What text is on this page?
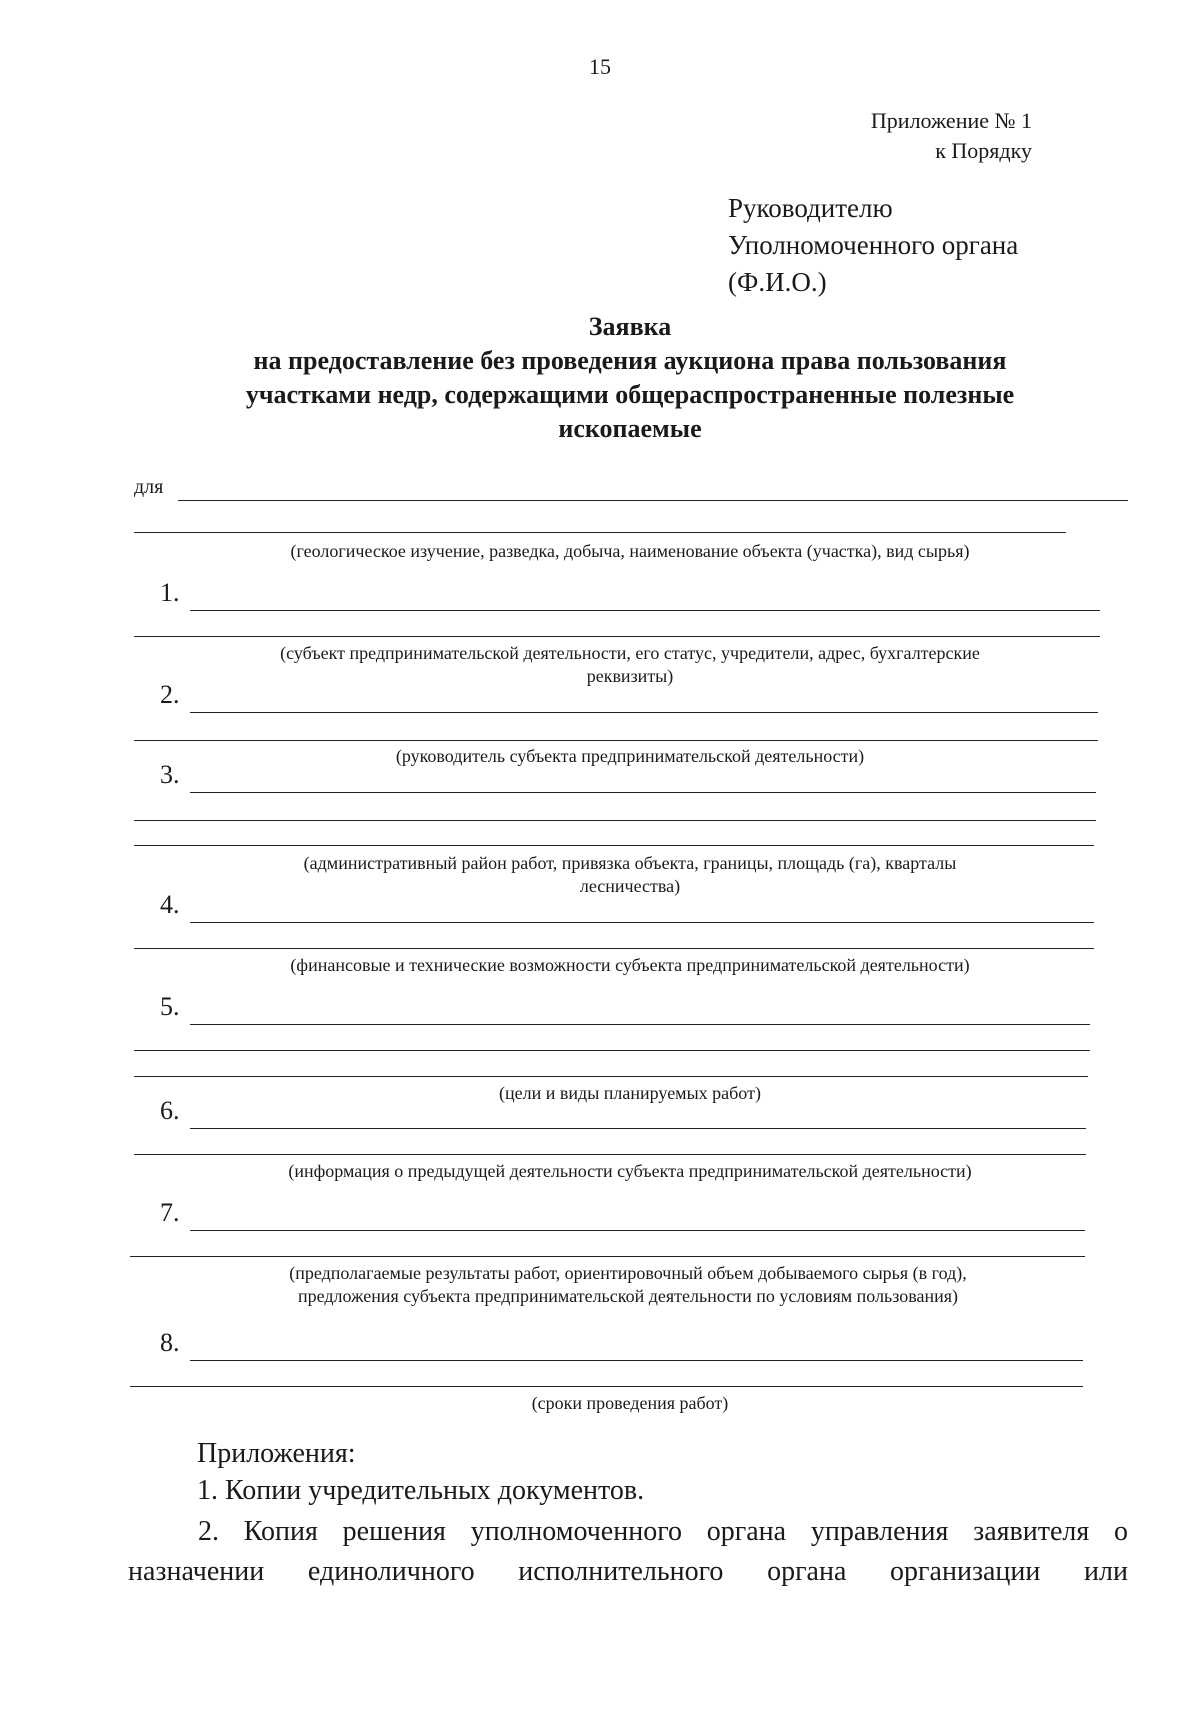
15
Приложение № 1
к Порядку
Руководителю
Уполномоченного органа
(Ф.И.О.)
Заявка
на предоставление без проведения аукциона права пользования
участками недр, содержащими общераспространенные полезные
ископаемые
для
(геологическое изучение, разведка, добыча, наименование объекта (участка), вид сырья)
1.
(субъект предпринимательской деятельности, его статус, учредители, адрес, бухгалтерские реквизиты)
2.
(руководитель субъекта предпринимательской деятельности)
3.
(административный район работ, привязка объекта, границы, площадь (га), кварталы лесничества)
4.
(финансовые и технические возможности субъекта предпринимательской деятельности)
5.
(цели и виды планируемых работ)
6.
(информация о предыдущей деятельности субъекта предпринимательской деятельности)
7.
(предполагаемые результаты работ, ориентировочный объем добываемого сырья (в год), предложения субъекта предпринимательской деятельности по условиям пользования)
8.
(сроки проведения работ)
Приложения:
1. Копии учредительных документов.
2. Копия решения уполномоченного органа управления заявителя о назначении единоличного исполнительного органа организации или
